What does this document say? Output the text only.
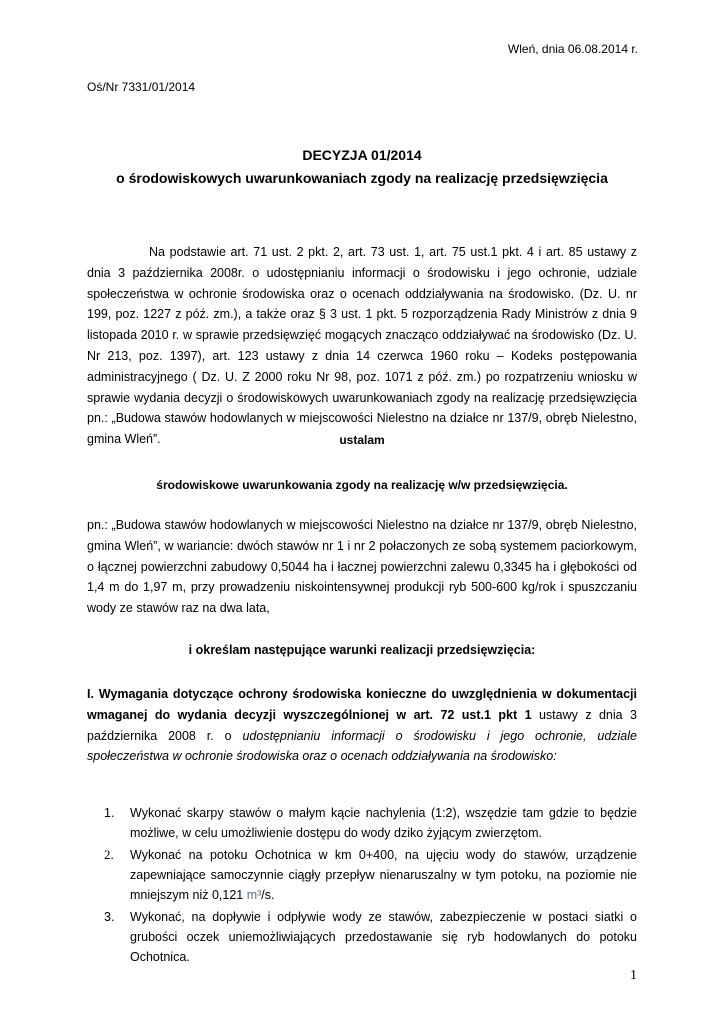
Wleń, dnia 06.08.2014 r.
Oś/Nr 7331/01/2014
DECYZJA 01/2014
o środowiskowych uwarunkowaniach zgody na realizację przedsięwzięcia
Na podstawie art. 71 ust. 2 pkt. 2, art. 73 ust. 1, art. 75 ust.1 pkt. 4 i art. 85 ustawy z dnia 3 października 2008r. o udostępnianiu informacji o środowisku i jego ochronie, udziale społeczeństwa w ochronie środowiska oraz o ocenach oddziaływania na środowisko. (Dz. U. nr 199, poz. 1227 z póź. zm.), a także oraz § 3 ust. 1 pkt. 5 rozporządzenia Rady Ministrów z dnia 9 listopada 2010 r. w sprawie przedsięwzięć mogących znacząco oddziaływać na środowisko (Dz. U. Nr 213, poz. 1397), art. 123 ustawy z dnia 14 czerwca 1960 roku – Kodeks postępowania administracyjnego ( Dz. U. Z 2000 roku Nr 98, poz. 1071 z póź. zm.) po rozpatrzeniu wniosku w sprawie wydania decyzji o środowiskowych uwarunkowaniach zgody na realizację przedsięwzięcia pn.: „Budowa stawów hodowlanych w miejscowości Nielestno na działce nr 137/9, obręb Nielestno, gmina Wleń”.	ustalam
środowiskowe uwarunkowania zgody na realizację w/w przedsięwzięcia.
pn.: „Budowa stawów hodowlanych w miejscowości Nielestno na działce nr 137/9, obręb Nielestno, gmina Wleń”, w wariancie: dwóch stawów nr 1 i nr 2 połaczonych ze sobą systemem paciorkowym, o łącznej powierzchni zabudowy 0,5044 ha i łacznej powierzchni zalewu 0,3345 ha i głębokości od 1,4 m do 1,97 m, przy prowadzeniu niskointensywnej produkcji ryb 500-600 kg/rok i spuszczaniu wody ze stawów raz na dwa lata,
i określam następujące warunki realizacji przedsięwzięcia:
I. Wymagania dotyczące ochrony środowiska konieczne do uwzględnienia w dokumentacji wmaganej do wydania decyzji wyszczególnionej w art. 72 ust.1 pkt 1 ustawy z dnia 3 października 2008 r. o udostępnianiu informacji o środowisku i jego ochronie, udziale społeczeństwa w ochronie środowiska oraz o ocenach oddziaływania na środowisko:
1. Wykonać skarpy stawów o małym kącie nachylenia (1:2), wszędzie tam gdzie to będzie możliwe, w celu umożliwienie dostępu do wody dziko żyjącym zwierzętom.
2. Wykonać na potoku Ochotnica w km 0+400, na ujęciu wody do stawów, urządzenie zapewniające samoczynnie ciągły przepływ nienaruszalny w tym potoku, na poziomie nie mniejszym niż 0,121 m³/s.
3. Wykonać, na dopływie i odpływie wody ze stawów, zabezpieczenie w postaci siatki o grubości oczek uniemożliwiających przedostawanie się ryb hodowlanych do potoku Ochotnica.
1
